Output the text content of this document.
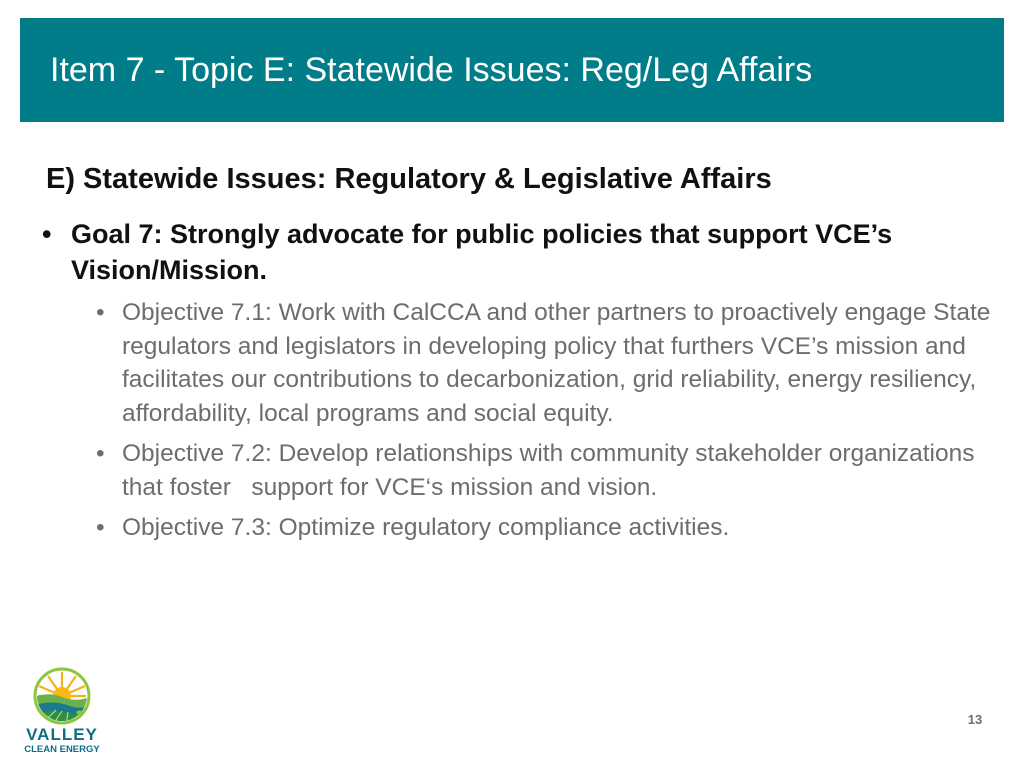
Item 7 - Topic E: Statewide Issues: Reg/Leg Affairs
E) Statewide Issues: Regulatory & Legislative Affairs
• Goal 7: Strongly advocate for public policies that support VCE’s Vision/Mission.
• Objective 7.1: Work with CalCCA and other partners to proactively engage State regulators and legislators in developing policy that furthers VCE’s mission and facilitates our contributions to decarbonization, grid reliability, energy resiliency, affordability, local programs and social equity.
• Objective 7.2: Develop relationships with community stakeholder organizations that foster   support for VCE‘s mission and vision.
• Objective 7.3: Optimize regulatory compliance activities.
VALLEY
CLEAN ENERGY
13
